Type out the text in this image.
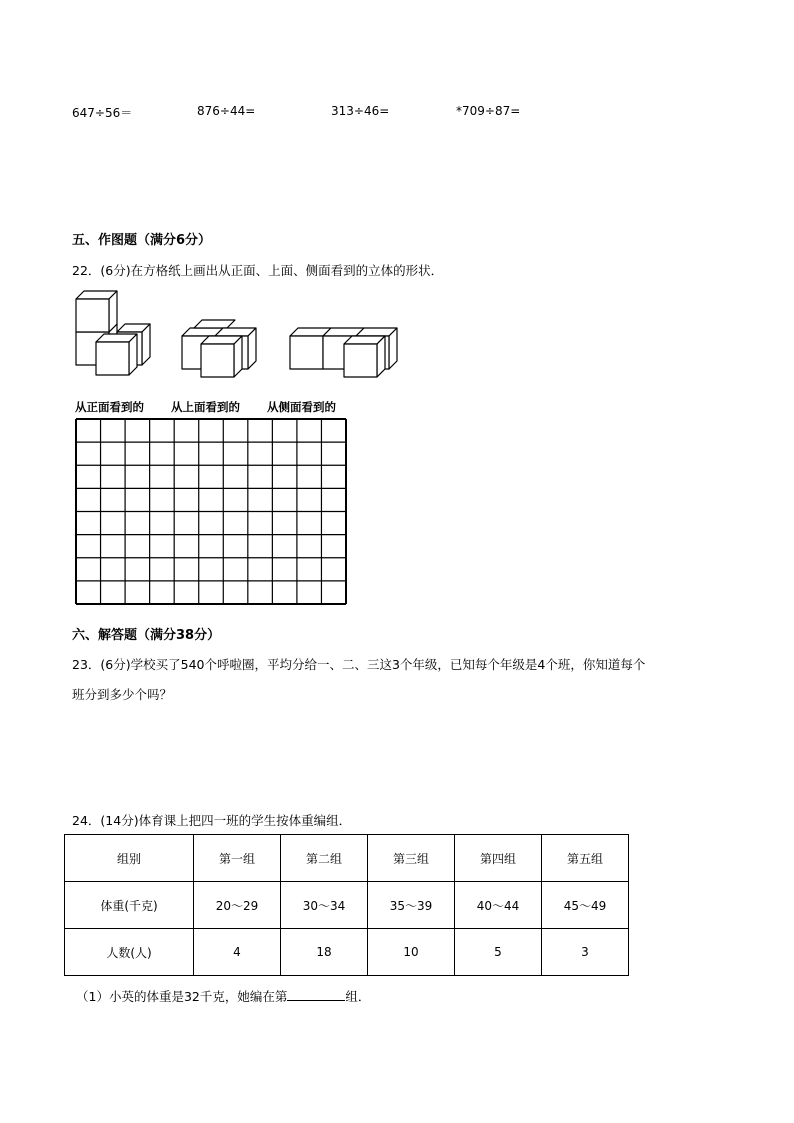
647÷56＝	876÷44=	313÷46=	*709÷87=
五、作图题（满分6分）
22．(6分)在方格纸上画出从正面、上面、侧面看到的立体的形状．
从正面看到的 从上面看到的 从侧面看到的
六、解答题（满分38分）
23．(6分)学校买了540个呼啦圈，平均分给一、二、三这3个年级，已知每个年级是4个班，你知道每个
班分到多少个吗？
24．(14分)体育课上把四一班的学生按体重编组．
组别	第一组	第二组	第三组	第四组	第五组
体重(千克)	20～29	30～34	35～39	40～44	45～49
人数(人)	4	18	10	5	3
（1）小英的体重是32千克，她编在第	组．
